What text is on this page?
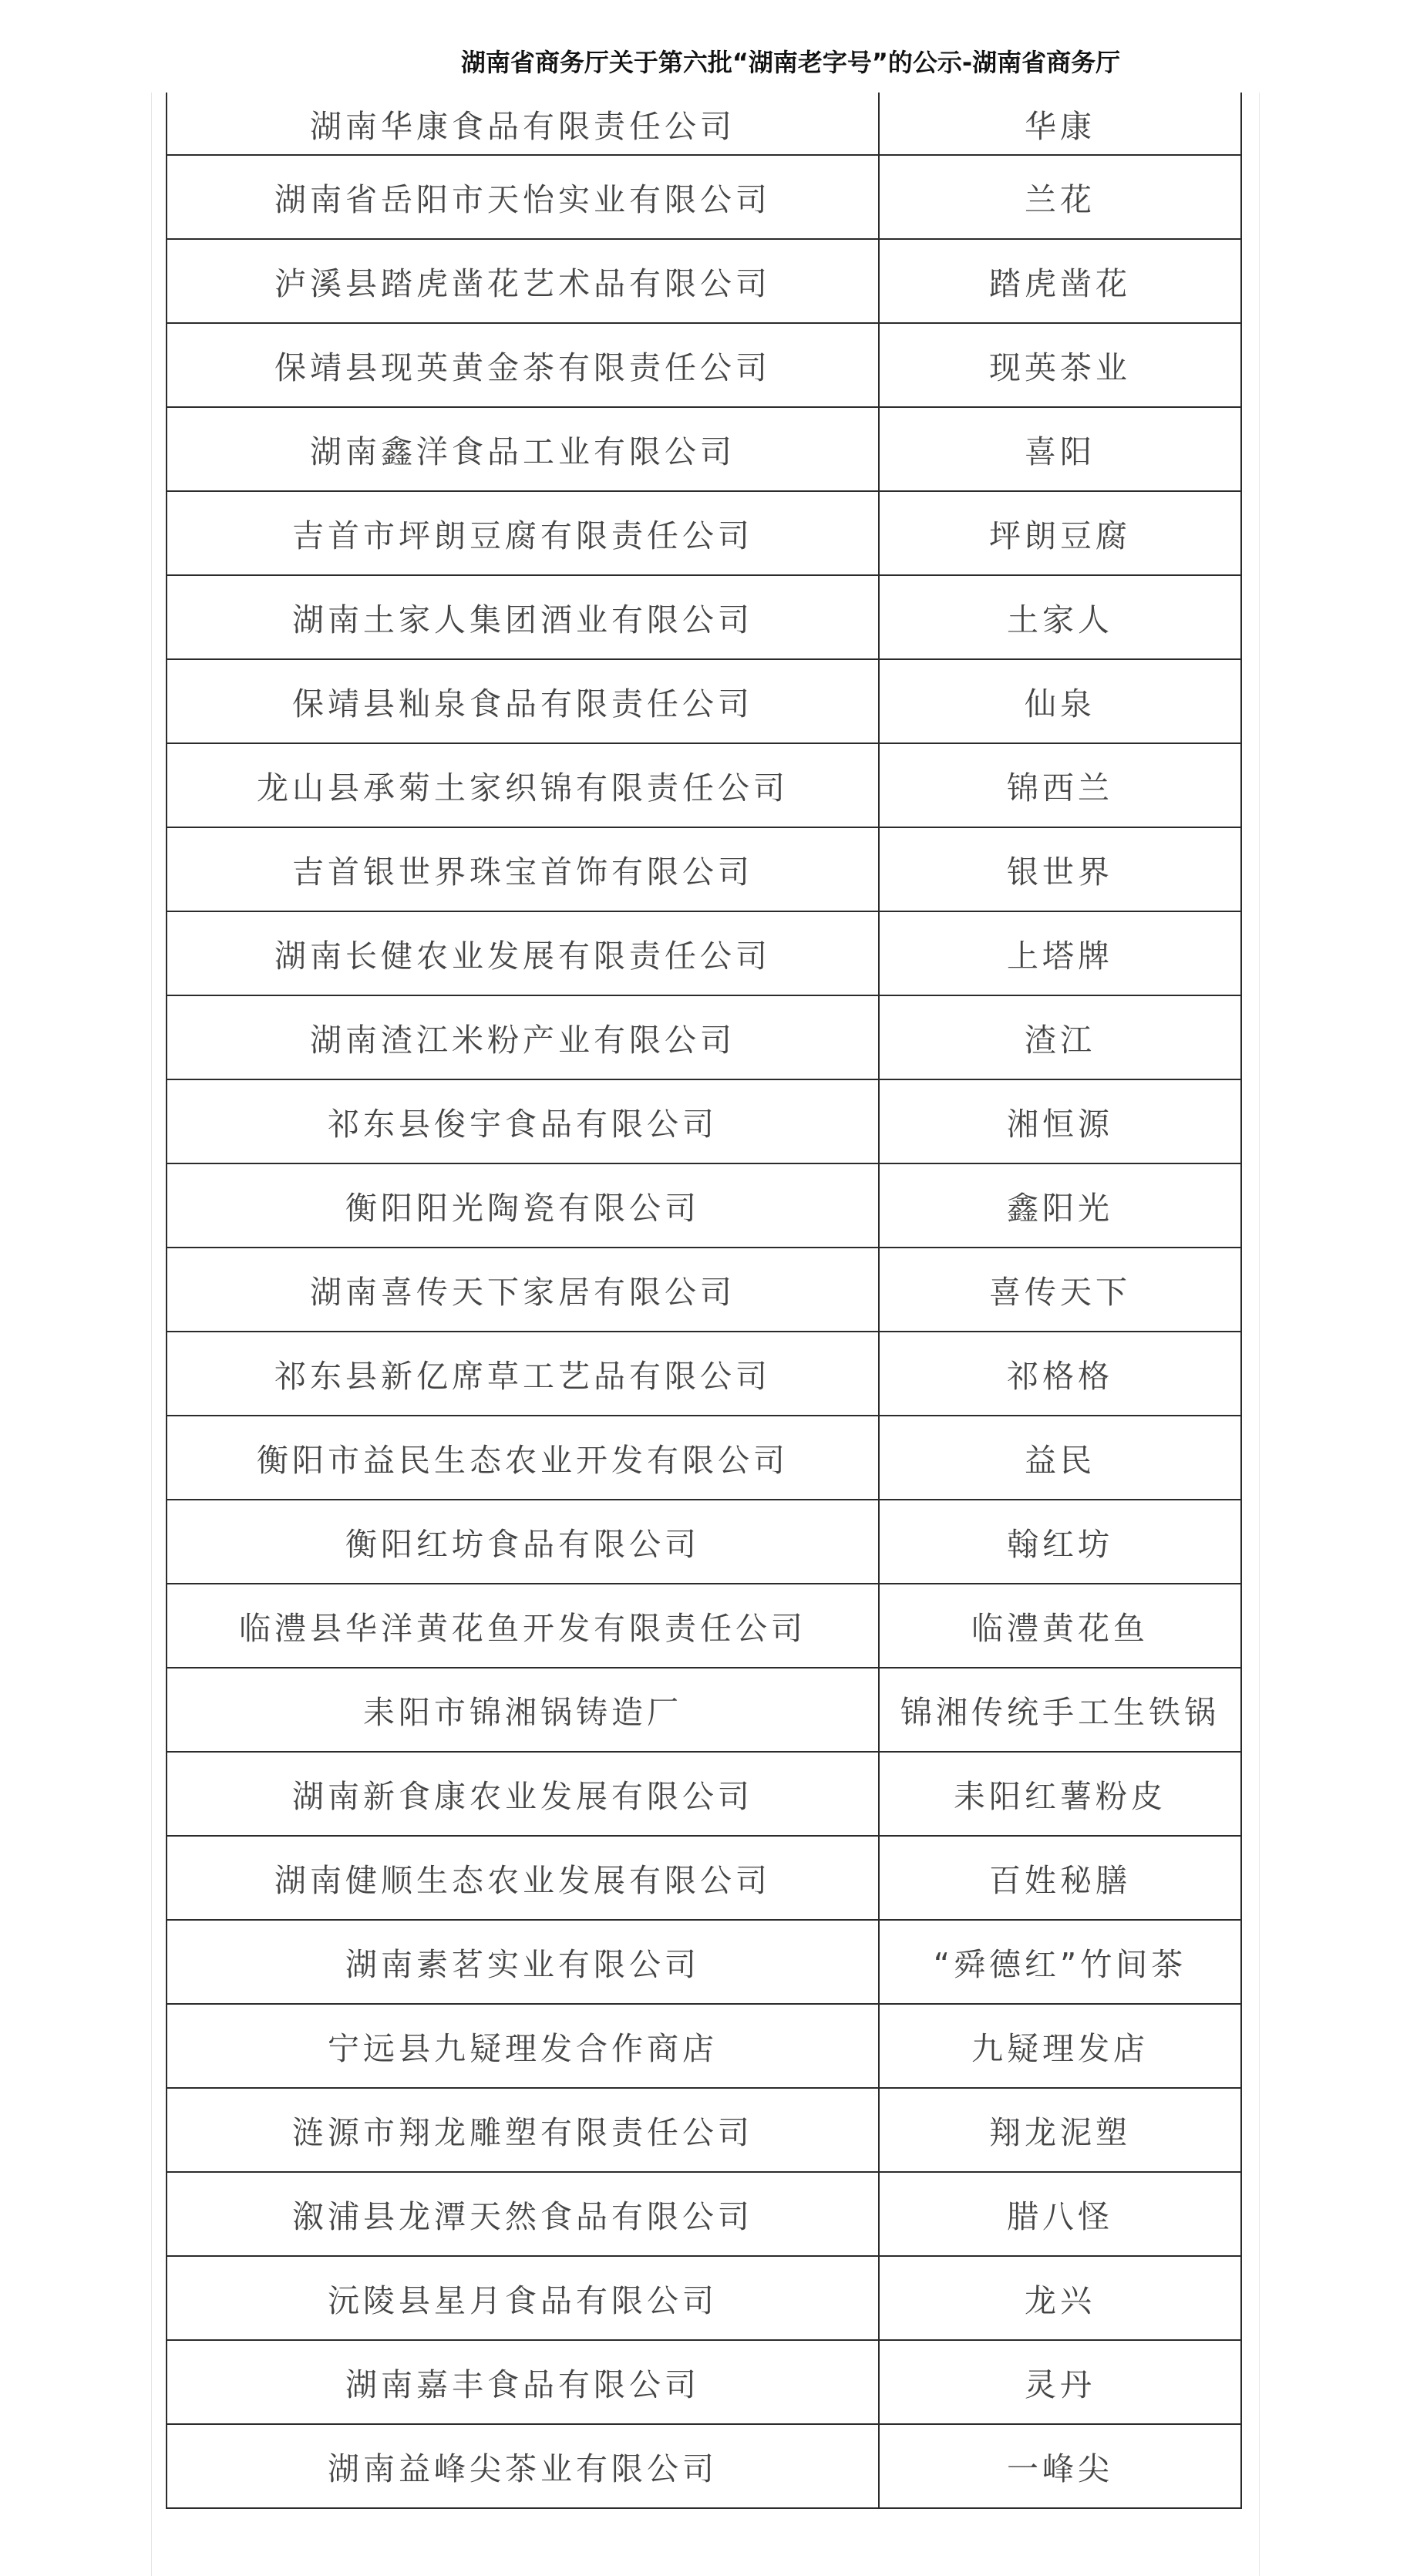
湖南省商务厅关于第六批“湖南老字号”的公示-湖南省商务厅
湖南华康食品有限责任公司	华康
湖南省岳阳市天怡实业有限公司	兰花
泸溪县踏虎凿花艺术品有限公司	踏虎凿花
保靖县现英黄金茶有限责任公司	现英茶业
湖南鑫洋食品工业有限公司	喜阳
吉首市坪朗豆腐有限责任公司	坪朗豆腐
湖南土家人集团酒业有限公司	土家人
保靖县籼泉食品有限责任公司	仙泉
龙山县承菊土家织锦有限责任公司	锦西兰
吉首银世界珠宝首饰有限公司	银世界
湖南长健农业发展有限责任公司	上塔牌
湖南渣江米粉产业有限公司	渣江
祁东县俊宇食品有限公司	湘恒源
衡阳阳光陶瓷有限公司	鑫阳光
湖南喜传天下家居有限公司	喜传天下
祁东县新亿席草工艺品有限公司	祁格格
衡阳市益民生态农业开发有限公司	益民
衡阳红坊食品有限公司	翰红坊
临澧县华洋黄花鱼开发有限责任公司	临澧黄花鱼
耒阳市锦湘锅铸造厂	锦湘传统手工生铁锅
湖南新食康农业发展有限公司	耒阳红薯粉皮
湖南健顺生态农业发展有限公司	百姓秘膳
湖南素茗实业有限公司	“舜德红”竹间茶
宁远县九疑理发合作商店	九疑理发店
涟源市翔龙雕塑有限责任公司	翔龙泥塑
溆浦县龙潭天然食品有限公司	腊八怪
沅陵县星月食品有限公司	龙兴
湖南嘉丰食品有限公司	灵丹
湖南益峰尖茶业有限公司	一峰尖
